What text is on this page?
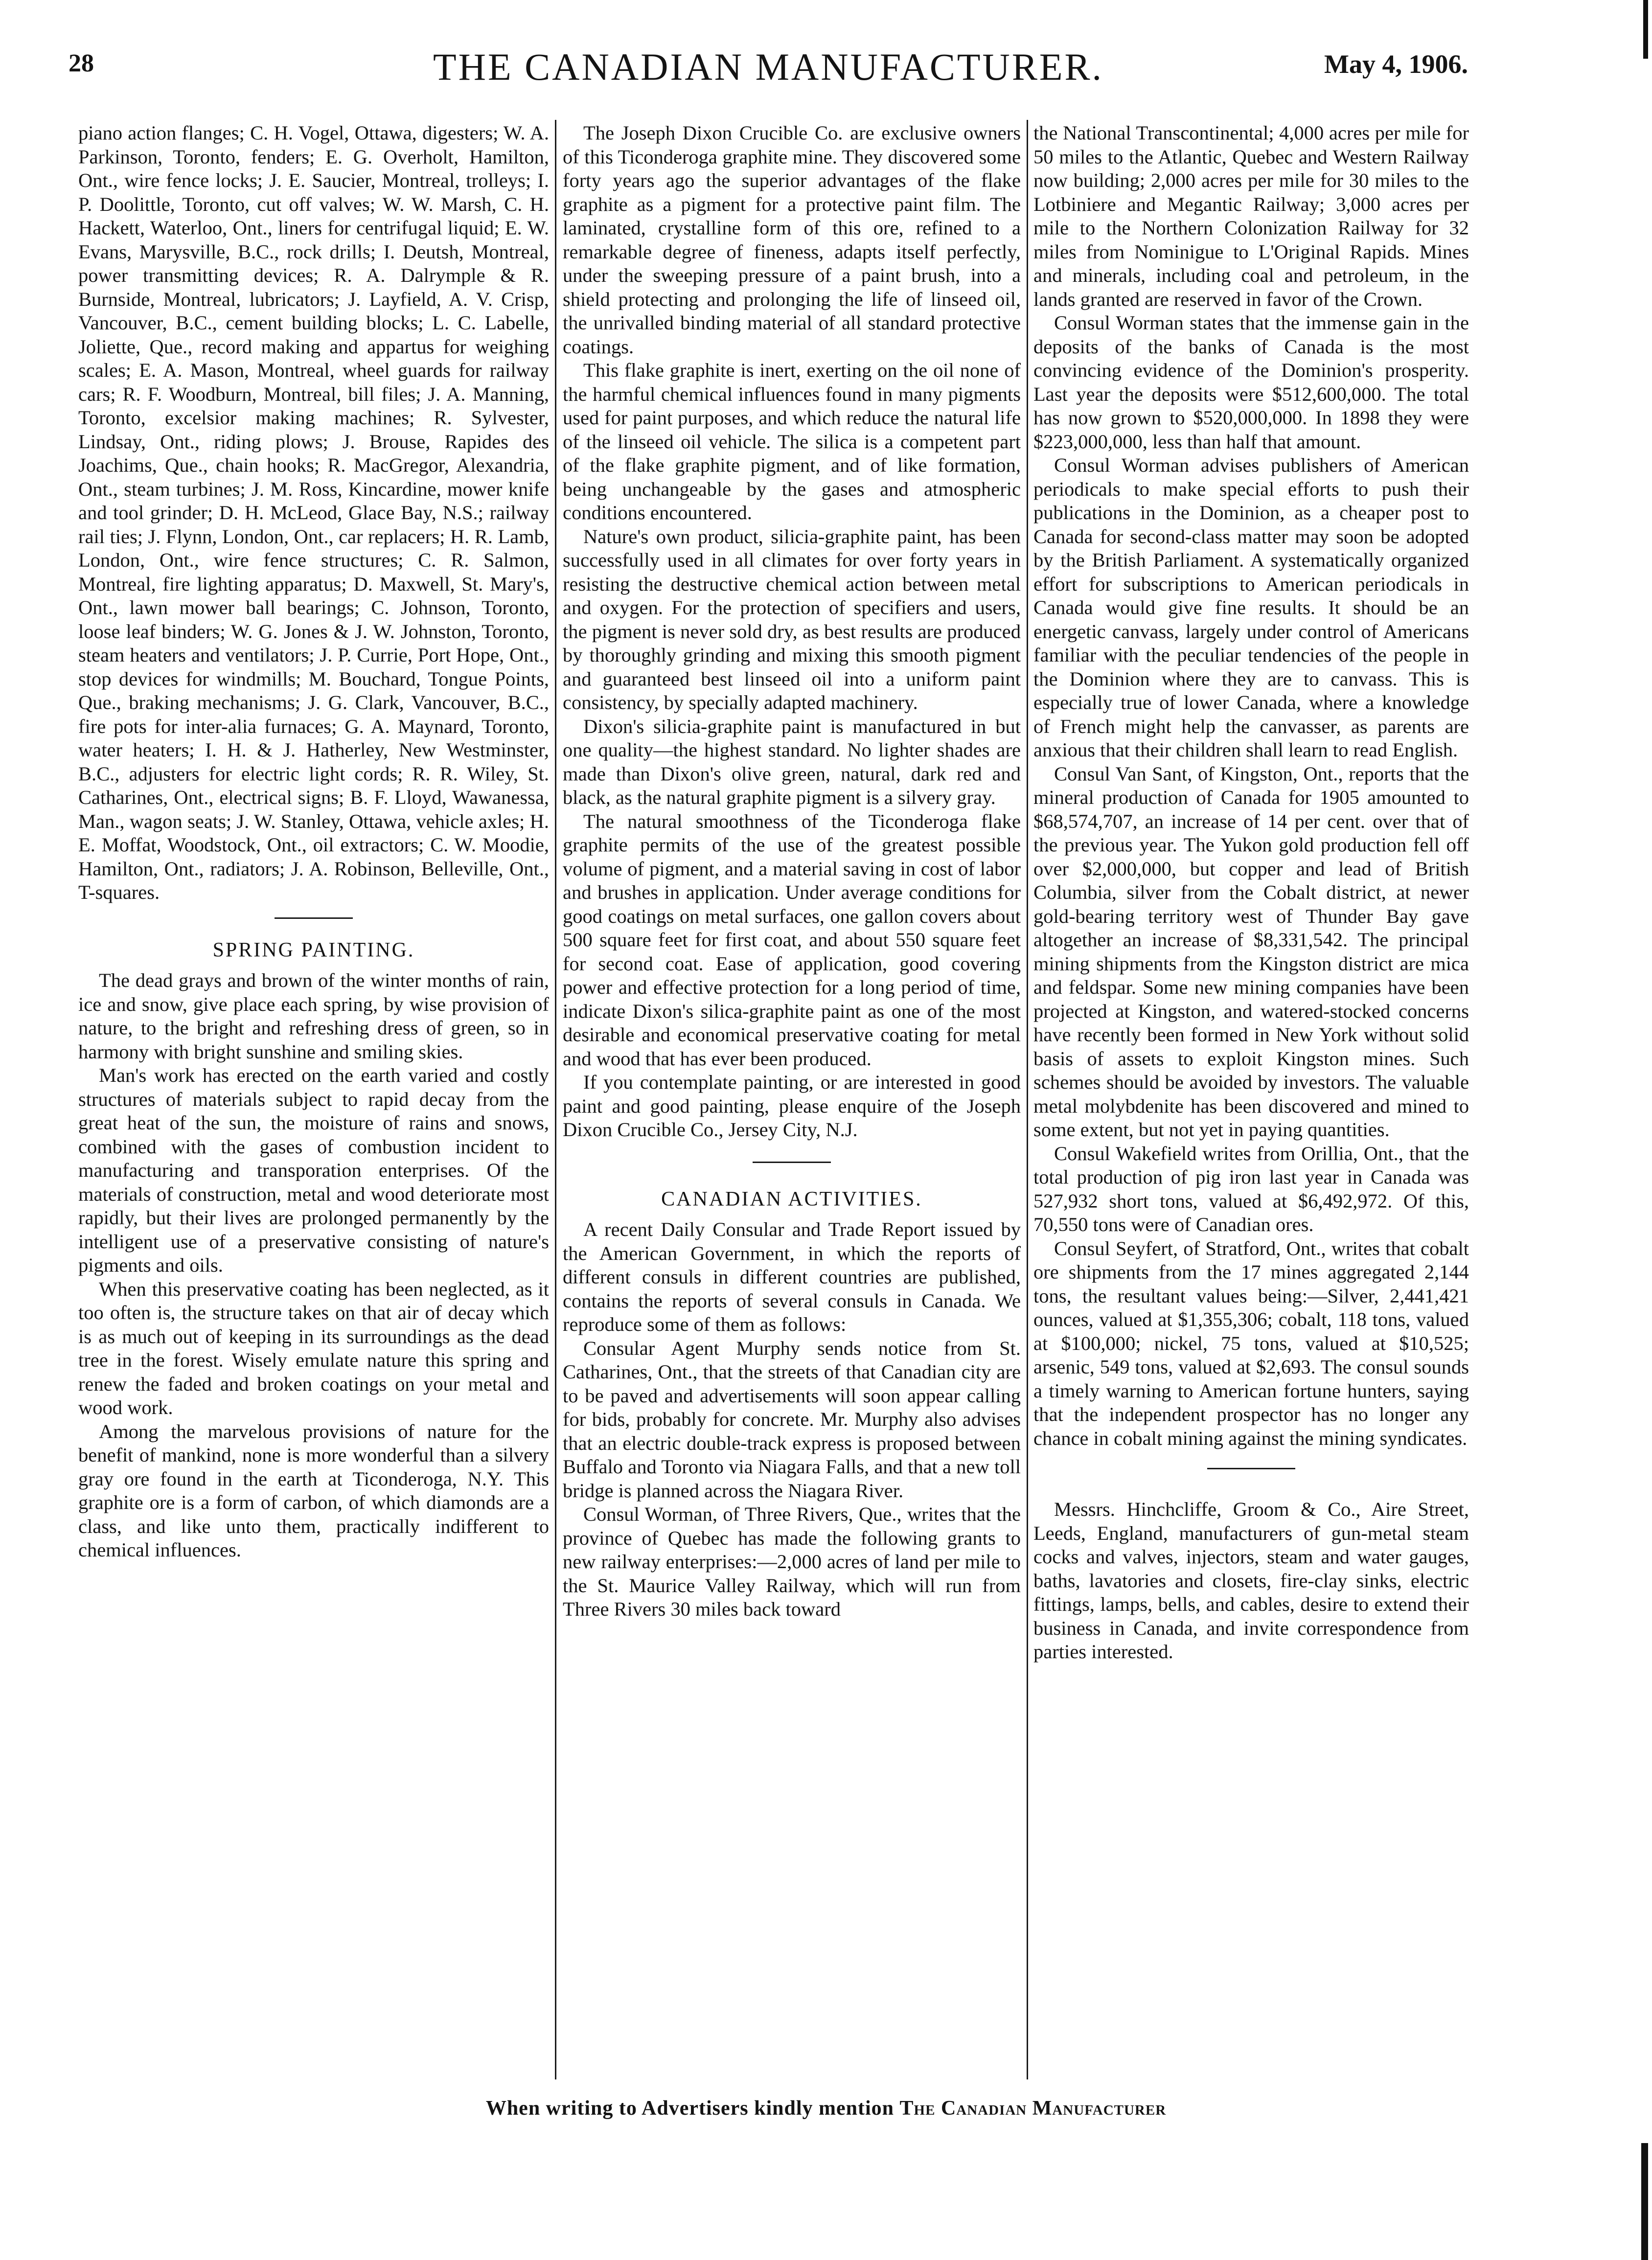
28	THE CANADIAN MANUFACTURER.	May 4, 1906.

piano action flanges; C. H. Vogel, Ottawa, digesters; W. A. Parkinson, Toronto, fenders; E. G. Overholt, Hamilton, Ont., wire fence locks; J. E. Saucier, Montreal, trolleys; I. P. Doolittle, Toronto, cut off valves; W. W. Marsh, C. H. Hackett, Waterloo, Ont., liners for centrifugal liquid; E. W. Evans, Marysville, B.C., rock drills; I. Deutsh, Montreal, power transmitting devices; R. A. Dalrymple & R. Burnside, Montreal, lubricators; J. Layfield, A. V. Crisp, Vancouver, B.C., cement building blocks; L. C. Labelle, Joliette, Que., record making and appartus for weighing scales; E. A. Mason, Montreal, wheel guards for railway cars; R. F. Woodburn, Montreal, bill files; J. A. Manning, Toronto, excelsior making machines; R. Sylvester, Lindsay, Ont., riding plows; J. Brouse, Rapides des Joachims, Que., chain hooks; R. MacGregor, Alexandria, Ont., steam turbines; J. M. Ross, Kincardine, mower knife and tool grinder; D. H. McLeod, Glace Bay, N.S.; railway rail ties; J. Flynn, London, Ont., car replacers; H. R. Lamb, London, Ont., wire fence structures; C. R. Salmon, Montreal, fire lighting apparatus; D. Maxwell, St. Mary's, Ont., lawn mower ball bearings; C. Johnson, Toronto, loose leaf binders; W. G. Jones & J. W. Johnston, Toronto, steam heaters and ventilators; J. P. Currie, Port Hope, Ont., stop devices for windmills; M. Bouchard, Tongue Points, Que., braking mechanisms; J. G. Clark, Vancouver, B.C., fire pots for inter-alia furnaces; G. A. Maynard, Toronto, water heaters; I. H. & J. Hatherley, New Westminster, B.C., adjusters for electric light cords; R. R. Wiley, St. Catharines, Ont., electrical signs; B. F. Lloyd, Wawanessa, Man., wagon seats; J. W. Stanley, Ottawa, vehicle axles; H. E. Moffat, Woodstock, Ont., oil extractors; C. W. Moodie, Hamilton, Ont., radiators; J. A. Robinson, Belleville, Ont., T-squares.

SPRING PAINTING.

The dead grays and brown of the winter months of rain, ice and snow, give place each spring, by wise provision of nature, to the bright and refreshing dress of green, so in harmony with bright sunshine and smiling skies.

Man's work has erected on the earth varied and costly structures of materials subject to rapid decay from the great heat of the sun, the moisture of rains and snows, combined with the gases of combustion incident to manufacturing and transporation enterprises. Of the materials of construction, metal and wood deteriorate most rapidly, but their lives are prolonged permanently by the intelligent use of a preservative consisting of nature's pigments and oils.

When this preservative coating has been neglected, as it too often is, the structure takes on that air of decay which is as much out of keeping in its surroundings as the dead tree in the forest. Wisely emulate nature this spring and renew the faded and broken coatings on your metal and wood work.

Among the marvelous provisions of nature for the benefit of mankind, none is more wonderful than a silvery gray ore found in the earth at Ticonderoga, N.Y. This graphite ore is a form of carbon, of which diamonds are a class, and like unto them, practically indifferent to chemical influences.

The Joseph Dixon Crucible Co. are exclusive owners of this Ticonderoga graphite mine. They discovered some forty years ago the superior advantages of the flake graphite as a pigment for a protective paint film. The laminated, crystalline form of this ore, refined to a remarkable degree of fineness, adapts itself perfectly, under the sweeping pressure of a paint brush, into a shield protecting and prolonging the life of linseed oil, the unrivalled binding material of all standard protective coatings.

This flake graphite is inert, exerting on the oil none of the harmful chemical influences found in many pigments used for paint purposes, and which reduce the natural life of the linseed oil vehicle. The silica is a competent part of the flake graphite pigment, and of like formation, being unchangeable by the gases and atmospheric conditions encountered.

Nature's own product, silicia-graphite paint, has been successfully used in all climates for over forty years in resisting the destructive chemical action between metal and oxygen. For the protection of specifiers and users, the pigment is never sold dry, as best results are produced by thoroughly grinding and mixing this smooth pigment and guaranteed best linseed oil into a uniform paint consistency, by specially adapted machinery.

Dixon's silicia-graphite paint is manufactured in but one quality—the highest standard. No lighter shades are made than Dixon's olive green, natural, dark red and black, as the natural graphite pigment is a silvery gray.

The natural smoothness of the Ticonderoga flake graphite permits of the use of the greatest possible volume of pigment, and a material saving in cost of labor and brushes in application. Under average conditions for good coatings on metal surfaces, one gallon covers about 500 square feet for first coat, and about 550 square feet for second coat. Ease of application, good covering power and effective protection for a long period of time, indicate Dixon's silica-graphite paint as one of the most desirable and economical preservative coating for metal and wood that has ever been produced.

If you contemplate painting, or are interested in good paint and good painting, please enquire of the Joseph Dixon Crucible Co., Jersey City, N.J.

CANADIAN ACTIVITIES.

A recent Daily Consular and Trade Report issued by the American Government, in which the reports of different consuls in different countries are published, contains the reports of several consuls in Canada. We reproduce some of them as follows:

Consular Agent Murphy sends notice from St. Catharines, Ont., that the streets of that Canadian city are to be paved and advertisements will soon appear calling for bids, probably for concrete. Mr. Murphy also advises that an electric double-track express is proposed between Buffalo and Toronto via Niagara Falls, and that a new toll bridge is planned across the Niagara River.

Consul Worman, of Three Rivers, Que., writes that the province of Quebec has made the following grants to new railway enterprises:—2,000 acres of land per mile to the St. Maurice Valley Railway, which will run from Three Rivers 30 miles back toward

the National Transcontinental; 4,000 acres per mile for 50 miles to the Atlantic, Quebec and Western Railway now building; 2,000 acres per mile for 30 miles to the Lotbiniere and Megantic Railway; 3,000 acres per mile to the Northern Colonization Railway for 32 miles from Nominigue to L'Original Rapids. Mines and minerals, including coal and petroleum, in the lands granted are reserved in favor of the Crown.

Consul Worman states that the immense gain in the deposits of the banks of Canada is the most convincing evidence of the Dominion's prosperity. Last year the deposits were $512,600,000. The total has now grown to $520,000,000. In 1898 they were $223,000,000, less than half that amount.

Consul Worman advises publishers of American periodicals to make special efforts to push their publications in the Dominion, as a cheaper post to Canada for second-class matter may soon be adopted by the British Parliament. A systematically organized effort for subscriptions to American periodicals in Canada would give fine results. It should be an energetic canvass, largely under control of Americans familiar with the peculiar tendencies of the people in the Dominion where they are to canvass. This is especially true of lower Canada, where a knowledge of French might help the canvasser, as parents are anxious that their children shall learn to read English.

Consul Van Sant, of Kingston, Ont., reports that the mineral production of Canada for 1905 amounted to $68,574,707, an increase of 14 per cent. over that of the previous year. The Yukon gold production fell off over $2,000,000, but copper and lead of British Columbia, silver from the Cobalt district, at newer gold-bearing territory west of Thunder Bay gave altogether an increase of $8,331,542. The principal mining shipments from the Kingston district are mica and feldspar. Some new mining companies have been projected at Kingston, and watered-stocked concerns have recently been formed in New York without solid basis of assets to exploit Kingston mines. Such schemes should be avoided by investors. The valuable metal molybdenite has been discovered and mined to some extent, but not yet in paying quantities.

Consul Wakefield writes from Orillia, Ont., that the total production of pig iron last year in Canada was 527,932 short tons, valued at $6,492,972. Of this, 70,550 tons were of Canadian ores.

Consul Seyfert, of Stratford, Ont., writes that cobalt ore shipments from the 17 mines aggregated 2,144 tons, the resultant values being:—Silver, 2,441,421 ounces, valued at $1,355,306; cobalt, 118 tons, valued at $100,000; nickel, 75 tons, valued at $10,525; arsenic, 549 tons, valued at $2,693. The consul sounds a timely warning to American fortune hunters, saying that the independent prospector has no longer any chance in cobalt mining against the mining syndicates.

Messrs. Hinchcliffe, Groom & Co., Aire Street, Leeds, England, manufacturers of gun-metal steam cocks and valves, injectors, steam and water gauges, baths, lavatories and closets, fire-clay sinks, electric fittings, lamps, bells, and cables, desire to extend their business in Canada, and invite correspondence from parties interested.

When writing to Advertisers kindly mention The Canadian Manufacturer
